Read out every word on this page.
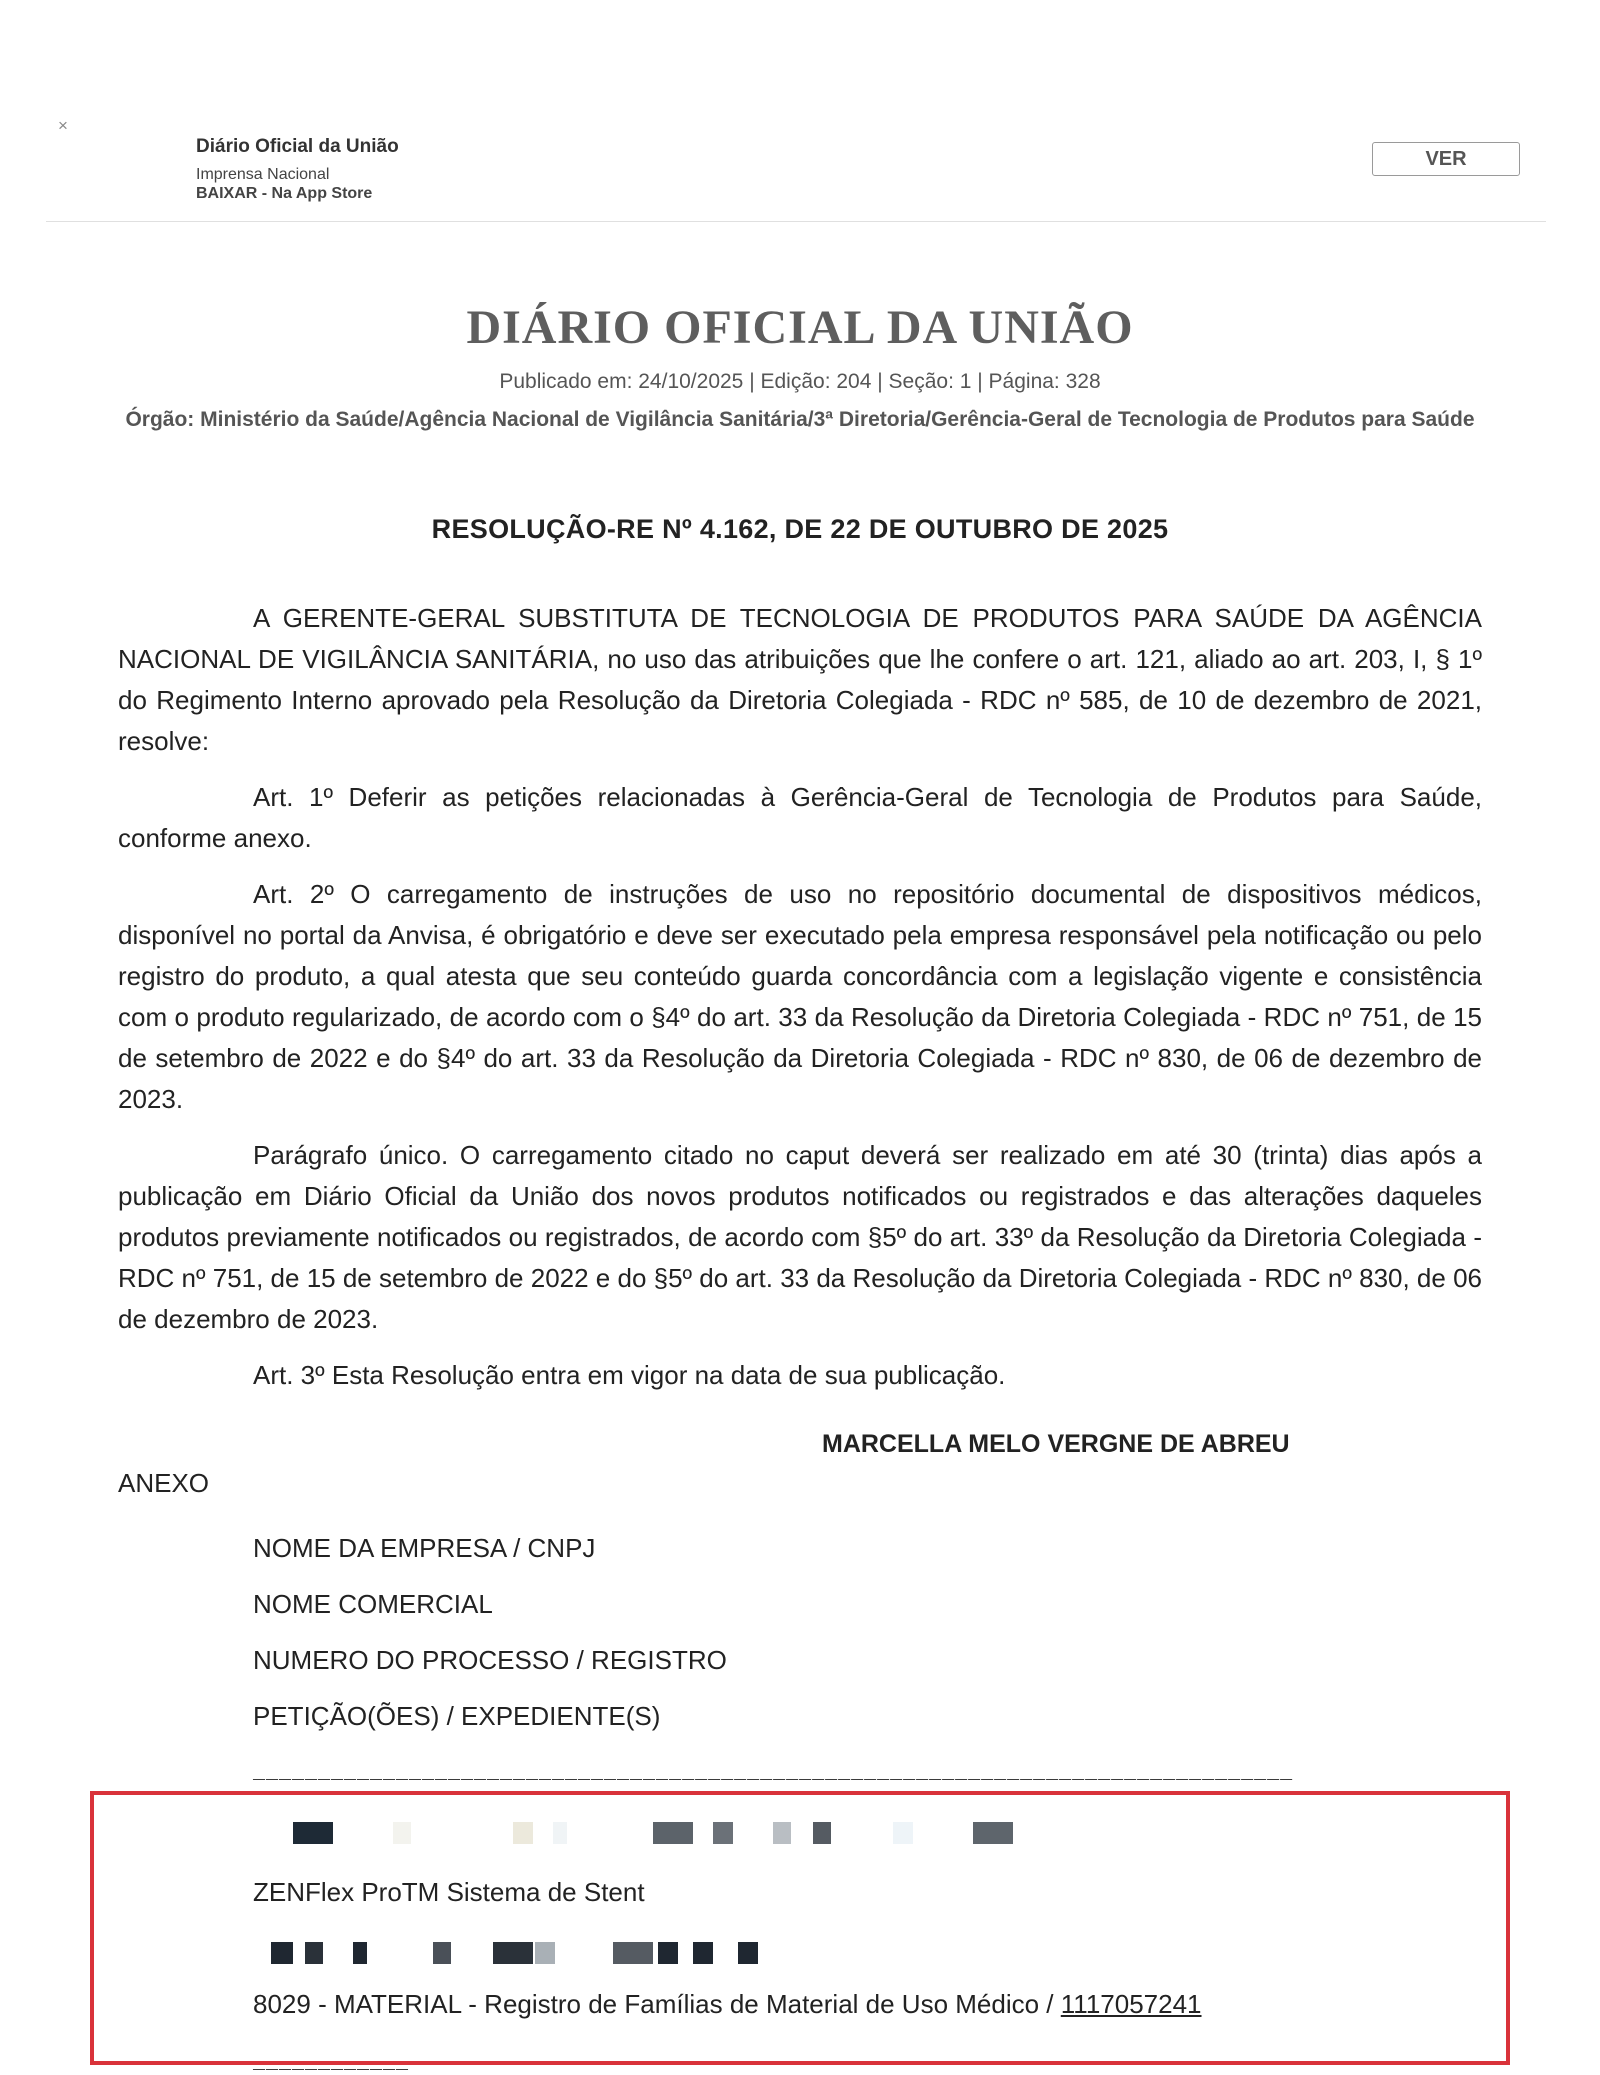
×
Diário Oficial da União
Imprensa Nacional
BAIXAR - Na App Store
VER
DIÁRIO OFICIAL DA UNIÃO
Publicado em: 24/10/2025 | Edição: 204 | Seção: 1 | Página: 328
Órgão: Ministério da Saúde/Agência Nacional de Vigilância Sanitária/3ª Diretoria/Gerência-Geral de Tecnologia de Produtos para Saúde
RESOLUÇÃO-RE Nº 4.162, DE 22 DE OUTUBRO DE 2025

A GERENTE-GERAL SUBSTITUTA DE TECNOLOGIA DE PRODUTOS PARA SAÚDE DA AGÊNCIA NACIONAL DE VIGILÂNCIA SANITÁRIA, no uso das atribuições que lhe confere o art. 121, aliado ao art. 203, I, § 1º do Regimento Interno aprovado pela Resolução da Diretoria Colegiada - RDC nº 585, de 10 de dezembro de 2021, resolve:

Art. 1º Deferir as petições relacionadas à Gerência-Geral de Tecnologia de Produtos para Saúde, conforme anexo.

Art. 2º O carregamento de instruções de uso no repositório documental de dispositivos médicos, disponível no portal da Anvisa, é obrigatório e deve ser executado pela empresa responsável pela notificação ou pelo registro do produto, a qual atesta que seu conteúdo guarda concordância com a legislação vigente e consistência com o produto regularizado, de acordo com o §4º do art. 33 da Resolução da Diretoria Colegiada - RDC nº 751, de 15 de setembro de 2022 e do §4º do art. 33 da Resolução da Diretoria Colegiada - RDC nº 830, de 06 de dezembro de 2023.

Parágrafo único. O carregamento citado no caput deverá ser realizado em até 30 (trinta) dias após a publicação em Diário Oficial da União dos novos produtos notificados ou registrados e das alterações daqueles produtos previamente notificados ou registrados, de acordo com §5º do art. 33º da Resolução da Diretoria Colegiada - RDC nº 751, de 15 de setembro de 2022 e do §5º do art. 33 da Resolução da Diretoria Colegiada - RDC nº 830, de 06 de dezembro de 2023.

Art. 3º Esta Resolução entra em vigor na data de sua publicação.

MARCELLA MELO VERGNE DE ABREU
ANEXO
NOME DA EMPRESA / CNPJ
NOME COMERCIAL
NUMERO DO PROCESSO / REGISTRO
PETIÇÃO(ÕES) / EXPEDIENTE(S)
________________________________________________________________________________
ZENFlex ProTM Sistema de Stent
8029 - MATERIAL - Registro de Famílias de Material de Uso Médico / 1117057241
____________
